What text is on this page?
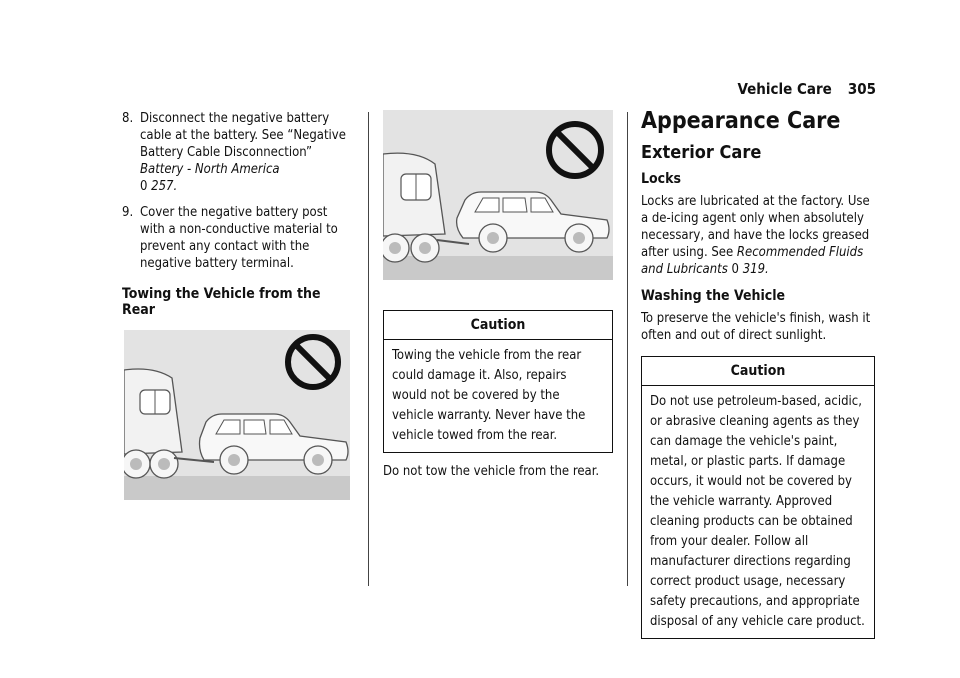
Vehicle Care 305
8. Disconnect the negative battery cable at the battery. See “Negative Battery Cable Disconnection” Battery - North America
0 257.
9. Cover the negative battery post with a non-conductive material to prevent any contact with the negative battery terminal.
Towing the Vehicle from the Rear
Caution
Towing the vehicle from the rear could damage it. Also, repairs would not be covered by the vehicle warranty. Never have the vehicle towed from the rear.
Do not tow the vehicle from the rear.
Appearance Care
Exterior Care
Locks
Locks are lubricated at the factory. Use a de-icing agent only when absolutely necessary, and have the locks greased after using. See Recommended Fluids and Lubricants 0 319.
Washing the Vehicle
To preserve the vehicle's finish, wash it often and out of direct sunlight.
Caution
Do not use petroleum-based, acidic, or abrasive cleaning agents as they can damage the vehicle's paint, metal, or plastic parts. If damage occurs, it would not be covered by the vehicle warranty. Approved cleaning products can be obtained from your dealer. Follow all manufacturer directions regarding correct product usage, necessary safety precautions, and appropriate disposal of any vehicle care product.
